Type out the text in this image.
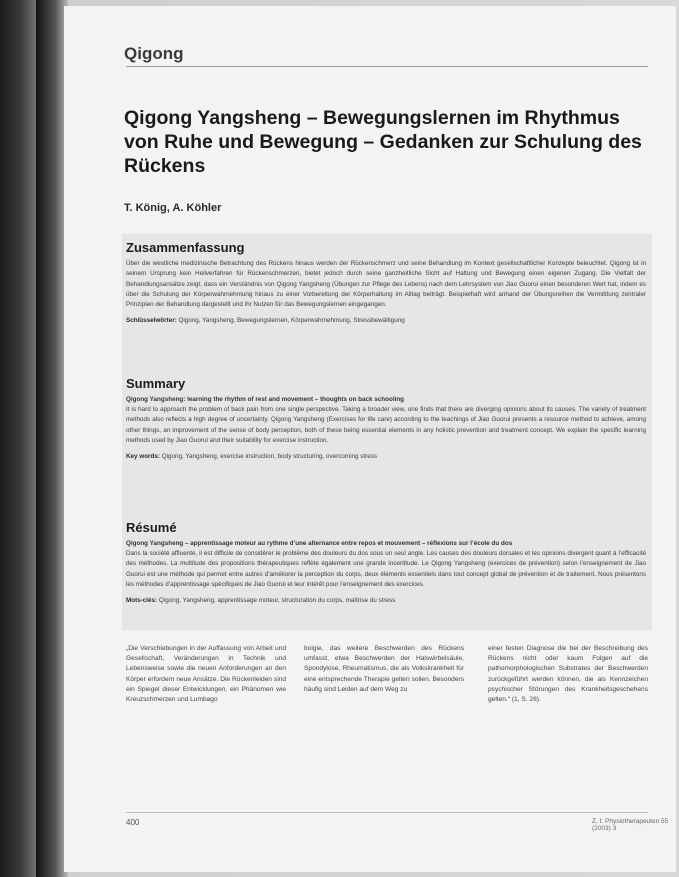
Qigong
Qigong Yangsheng – Bewegungslernen im Rhythmus von Ruhe und Bewegung – Gedanken zur Schulung des Rückens
T. König, A. Köhler
Zusammenfassung

Über die westliche medizinische Betrachtung des Rückens hinaus werden der Rückenschmerz und seine Behandlung im Kontext gesellschaftlicher Konzepte beleuchtet. Qigong ist in seinem Ursprung kein Heilverfahren für Rückenschmerzen, bietet jedoch durch seine ganzheitliche Sicht auf Haltung und Bewegung einen eigenen Zugang. Die Vielfalt der Behandlungsansätze zeigt, dass ein Verständnis von Qigong Yangsheng (Übungen zur Pflege des Lebens) nach dem Lehrsystem von Jiao Guorui einen besonderen Wert hat, indem es über die Schulung der Körperwahrnehmung hinaus zu einer Vorbereitung der Körperhaltung im Alltag beiträgt. Beispielhaft wird anhand der Übungsreihen die Vermittlung zentraler Prinzipien der Behandlung dargestellt und ihr Nutzen für das Bewegungslernen eingegangen.

Schlüsselwörter: Qigong, Yangsheng, Bewegungslernen, Körperwahrnehmung, Stressbewältigung

Summary

Qigong Yangsheng: learning the rhythm of rest and movement – thoughts on back schooling

It is hard to approach the problem of back pain from one single perspective. Taking a broader view, one finds that there are diverging opinions about its causes. The variety of treatment methods also reflects a high degree of uncertainty. Qigong Yangsheng (Exercises for life care) according to the teachings of Jiao Guorui presents a resource method to achieve, among other things, an improvement of the sense of body perception, both of these being essential elements in any holistic prevention and treatment concept. We explain the specific learning methods used by Jiao Guorui and their suitability for exercise instruction.

Key words: Qigong, Yangsheng, exercise instruction, body structuring, overcoming stress

Résumé

Qigong Yangsheng – apprentissage moteur au rythme d’une alternance entre repos et mouvement – réflexions sur l’école du dos

Dans la société affluente, il est difficile de considérer le problème des douleurs du dos sous un seul angle. Les causes des douleurs dorsales et les opinions divergent quant à l’efficacité des méthodes. La multitude des propositions thérapeutiques reflète également une grande incertitude. Le Qigong Yangsheng (exercices de prévention) selon l’enseignement de Jiao Guorui est une méthode qui permet entre autres d’améliorer la perception du corps, deux éléments essentiels dans tout concept global de prévention et de traitement. Nous présentons les méthodes d’apprentissage spécifiques de Jiao Guorui et leur intérêt pour l’enseignement des exercices.

Mots-clés: Qigong, Yangsheng, apprentissage moteur, structuration du corps, maîtrise du stress

„Die Verschiebungen in der Auffassung von Arbeit und Gesellschaft, Veränderungen in Technik und Lebensweise sowie die neuen Anforderungen an den Körper erfordern neue Ansätze. Die Rückenleiden sind ein Spiegel dieser Entwicklungen, ein Phänomen wie Kreuzschmerzen und Lumbago

boigie, das weitere Beschwerden des Rückens umfasst, etwa Beschwerden der Halswirbelsäule, Spondylose, Rheumatismus, die als Volkskrankheit für eine entsprechende Therapie gelten sollen. Besonders häufig sind Leiden auf dem Weg zu

einer festen Diagnose die bei der Beschreibung des Rückens nicht oder kaum Folgen auf die pathomorphologischen Substrates der Beschwerden zurückgeführt werden können, die als Kennzeichen psychischer Störungen des Krankheitsgeschehens gelten.“ (1, S. 28).

400	Z. f. Physiotherapeuten 55 (2003) 3
